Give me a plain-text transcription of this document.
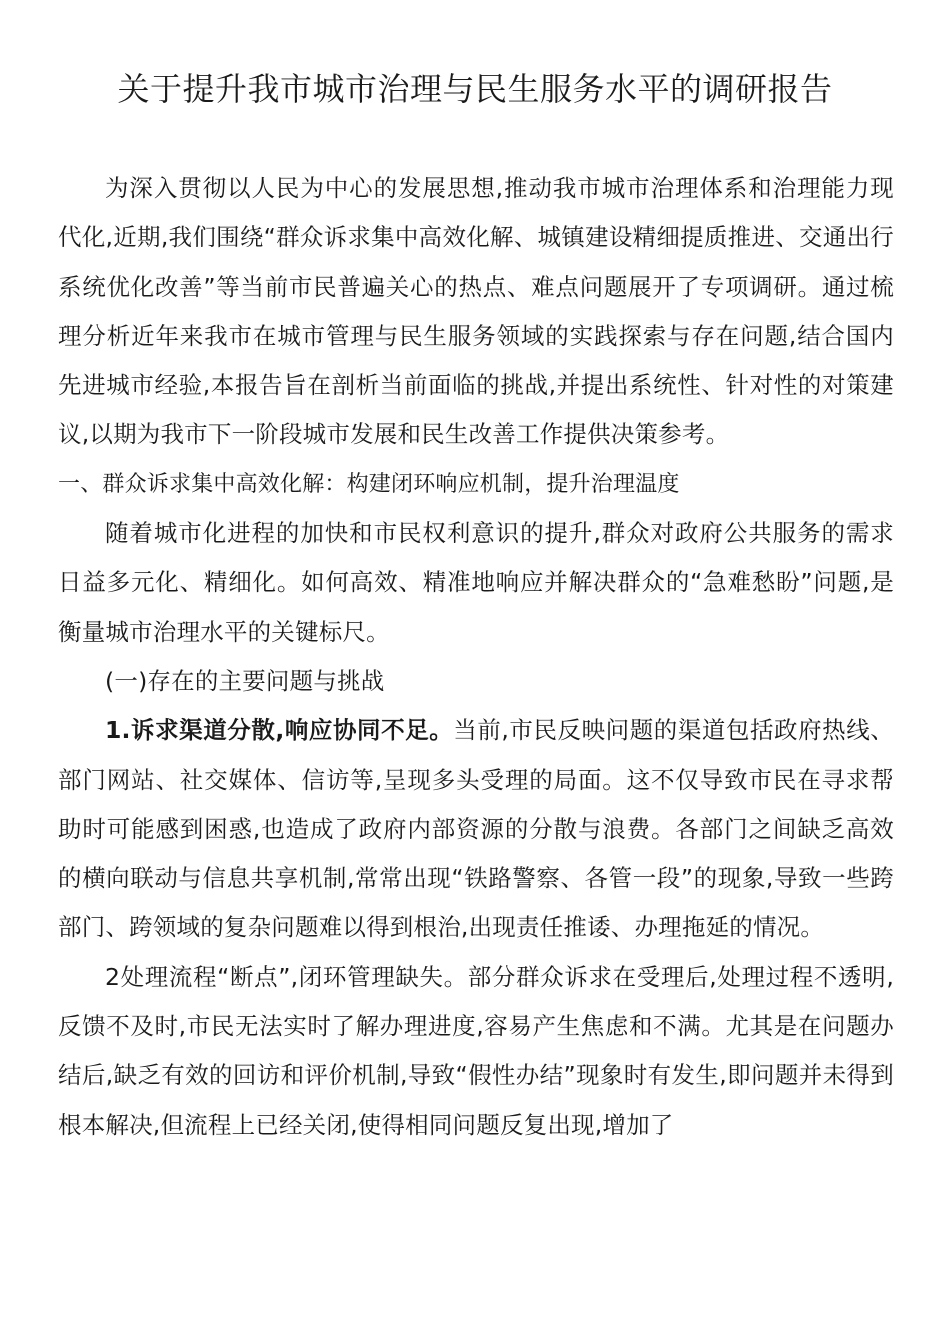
关于提升我市城市治理与民生服务水平的调研报告

为深入贯彻以人民为中心的发展思想,推动我市城市治理体系和治理能力现代化,近期,我们围绕“群众诉求集中高效化解、城镇建设精细提质推进、交通出行系统优化改善”等当前市民普遍关心的热点、难点问题展开了专项调研。通过梳理分析近年来我市在城市管理与民生服务领域的实践探索与存在问题,结合国内先进城市经验,本报告旨在剖析当前面临的挑战,并提出系统性、针对性的对策建议,以期为我市下一阶段城市发展和民生改善工作提供决策参考。

一、群众诉求集中高效化解：构建闭环响应机制，提升治理温度

随着城市化进程的加快和市民权利意识的提升,群众对政府公共服务的需求日益多元化、精细化。如何高效、精准地响应并解决群众的“急难愁盼”问题,是衡量城市治理水平的关键标尺。

(一)存在的主要问题与挑战

1.诉求渠道分散,响应协同不足。当前,市民反映问题的渠道包括政府热线、部门网站、社交媒体、信访等,呈现多头受理的局面。这不仅导致市民在寻求帮助时可能感到困惑,也造成了政府内部资源的分散与浪费。各部门之间缺乏高效的横向联动与信息共享机制,常常出现“铁路警察、各管一段”的现象,导致一些跨部门、跨领域的复杂问题难以得到根治,出现责任推诿、办理拖延的情况。

2处理流程“断点”,闭环管理缺失。部分群众诉求在受理后,处理过程不透明,反馈不及时,市民无法实时了解办理进度,容易产生焦虑和不满。尤其是在问题办结后,缺乏有效的回访和评价机制,导致“假性办结”现象时有发生,即问题并未得到根本解决,但流程上已经关闭,使得相同问题反复出现,增加了
